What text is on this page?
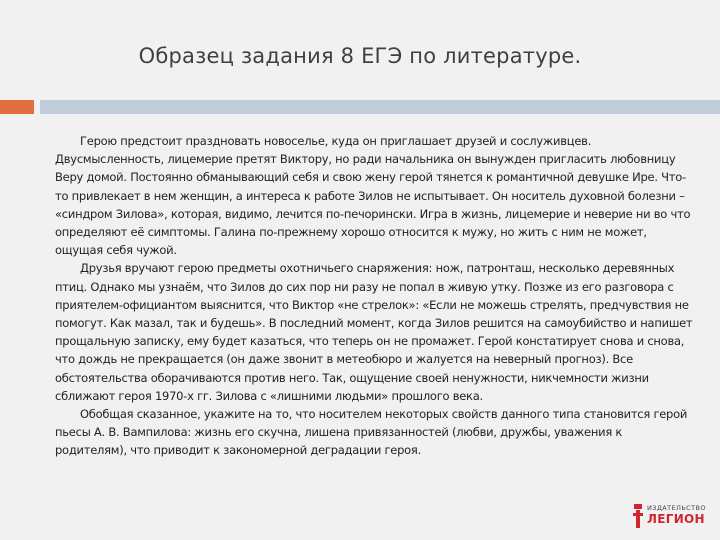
Образец задания 8 ЕГЭ по литературе.

Герою предстоит праздновать новоселье, куда он приглашает друзей и сослуживцев. Двусмысленность, лицемерие претят Виктору, но ради начальника он вынужден пригласить любовницу Веру домой. Постоянно обманывающий себя и свою жену герой тянется к романтичной девушке Ире. Что-то привлекает в нем женщин, а интереса к работе Зилов не испытывает. Он носитель духовной болезни – «синдром Зилова», которая, видимо, лечится по-печорински. Игра в жизнь, лицемерие и неверие ни во что определяют её симптомы. Галина по-прежнему хорошо относится к мужу, но жить с ним не может, ощущая себя чужой.

Друзья вручают герою предметы охотничьего снаряжения: нож, патронташ, несколько деревянных птиц. Однако мы узнаём, что Зилов до сих пор ни разу не попал в живую утку. Позже из его разговора с приятелем-официантом выяснится, что Виктор «не стрелок»: «Если не можешь стрелять, предчувствия не помогут. Как мазал, так и будешь». В последний момент, когда Зилов решится на самоубийство и напишет прощальную записку, ему будет казаться, что теперь он не промажет. Герой констатирует снова и снова, что дождь не прекращается (он даже звонит в метеобюро и жалуется на неверный прогноз). Все обстоятельства оборачиваются против него. Так, ощущение своей ненужности, никчемности жизни сближают героя 1970-х гг. Зилова с «лишними людьми» прошлого века.

Обобщая сказанное, укажите на то, что носителем некоторых свойств данного типа становится герой пьесы А. В. Вампилова: жизнь его скучна, лишена привязанностей (любви, дружбы, уважения к родителям), что приводит к закономерной деградации героя.

ИЗДАТЕЛЬСТВО
ЛЕГИОН
